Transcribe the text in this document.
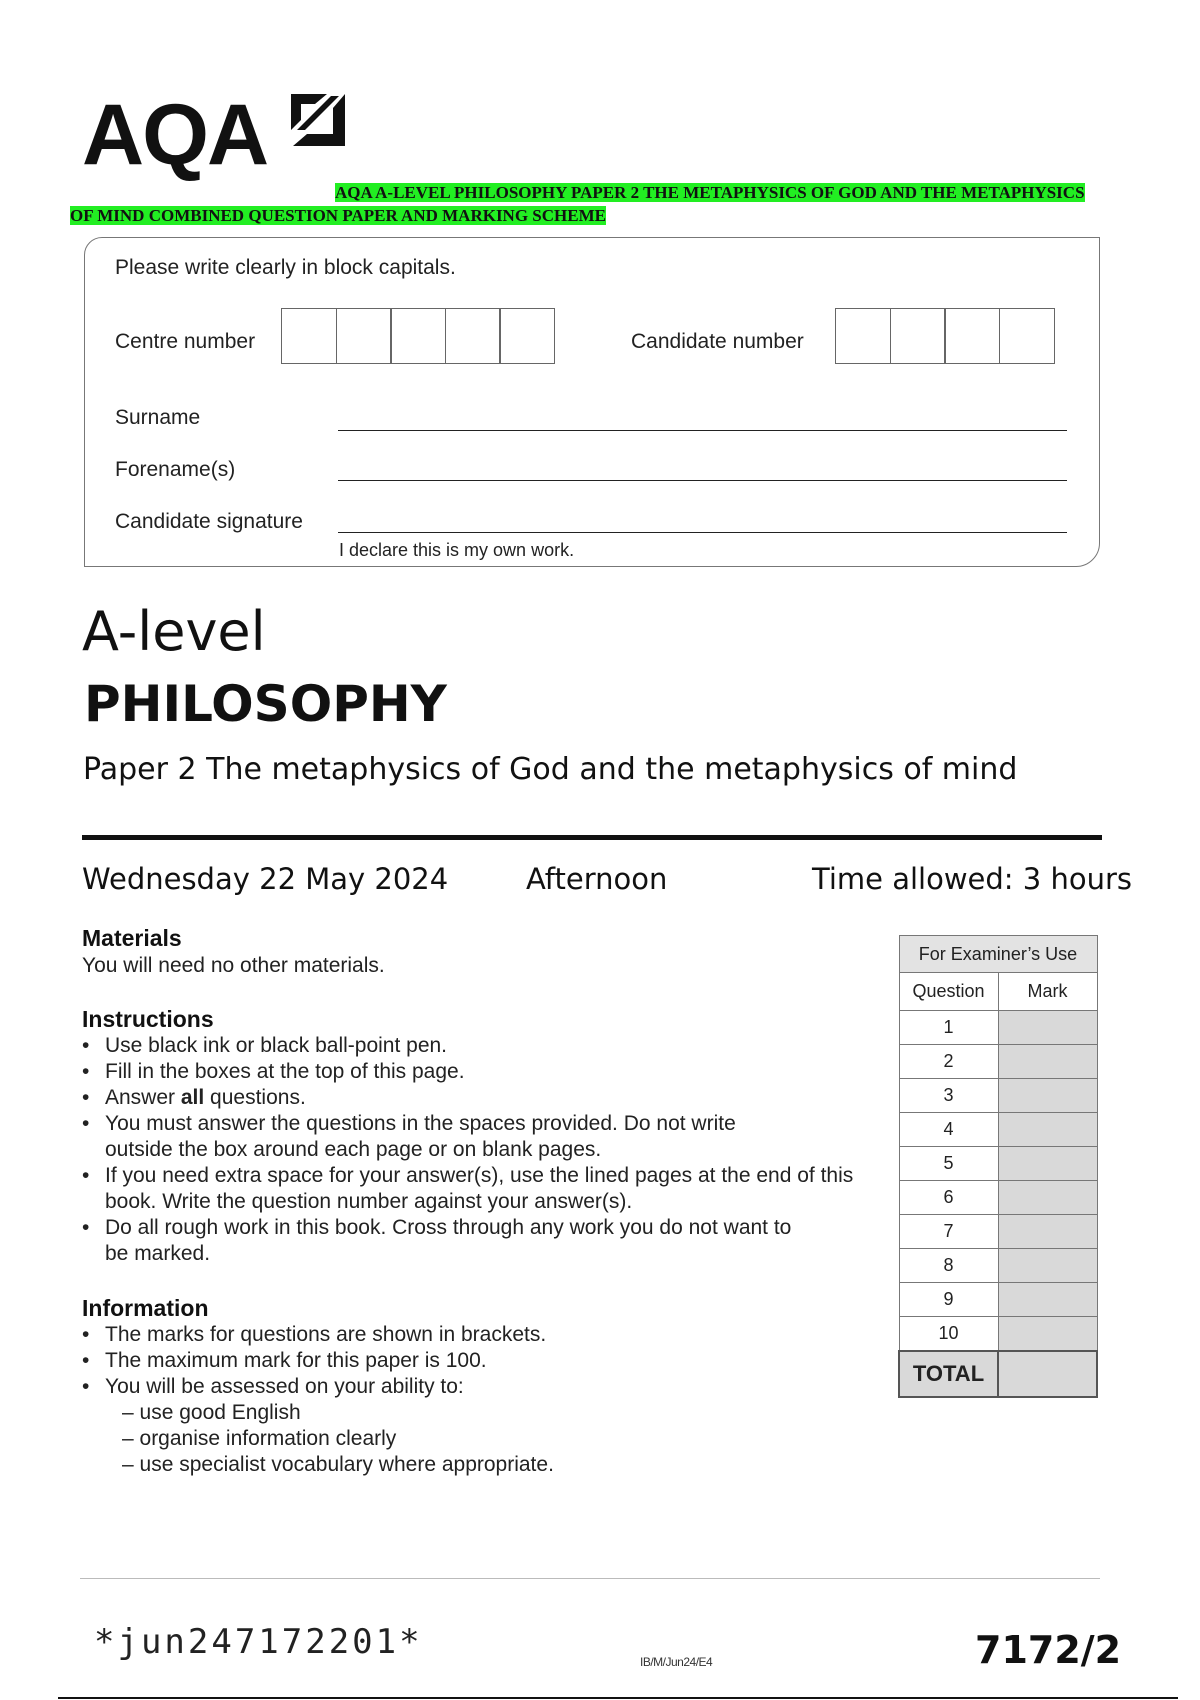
AQA
AQA A-LEVEL PHILOSOPHY PAPER 2 THE METAPHYSICS OF GOD AND THE METAPHYSICS OF MIND COMBINED QUESTION PAPER AND MARKING SCHEME
Please write clearly in block capitals.
Centre number	Candidate number
Surname
Forename(s)
Candidate signature
I declare this is my own work.
A-level
PHILOSOPHY
Paper 2 The metaphysics of God and the metaphysics of mind
Wednesday 22 May 2024	Afternoon	Time allowed: 3 hours
Materials
You will need no other materials.
Instructions
• Use black ink or black ball-point pen.
• Fill in the boxes at the top of this page.
• Answer all questions.
• You must answer the questions in the spaces provided. Do not write outside the box around each page or on blank pages.
• If you need extra space for your answer(s), use the lined pages at the end of this book. Write the question number against your answer(s).
• Do all rough work in this book. Cross through any work you do not want to be marked.
Information
• The marks for questions are shown in brackets.
• The maximum mark for this paper is 100.
• You will be assessed on your ability to:
– use good English
– organise information clearly
– use specialist vocabulary where appropriate.
For Examiner’s Use	
Question	Mark
1	
2	
3	
4	
5	
6	
7	
8	
9	
10	
TOTAL	
*jun247172201*	IB/M/Jun24/E4	7172/2
